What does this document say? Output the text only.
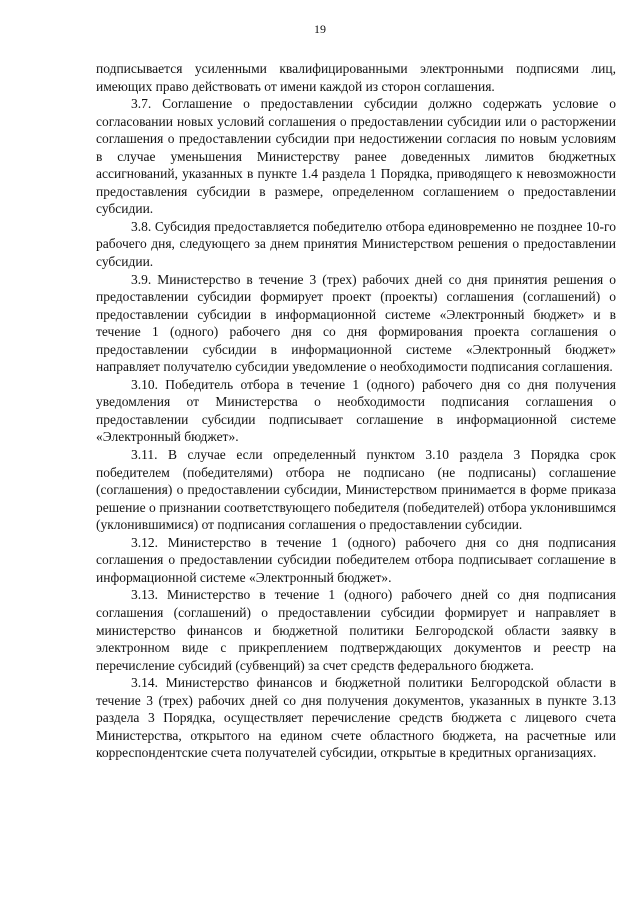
19

подписывается усиленными квалифицированными электронными подписями лиц, имеющих право действовать от имени каждой из сторон соглашения.

3.7. Соглашение о предоставлении субсидии должно содержать условие о согласовании новых условий соглашения о предоставлении субсидии или о расторжении соглашения о предоставлении субсидии при недостижении согласия по новым условиям в случае уменьшения Министерству ранее доведенных лимитов бюджетных ассигнований, указанных в пункте 1.4 раздела 1 Порядка, приводящего к невозможности предоставления субсидии в размере, определенном соглашением о предоставлении субсидии.

3.8. Субсидия предоставляется победителю отбора единовременно не позднее 10-го рабочего дня, следующего за днем принятия Министерством решения о предоставлении субсидии.

3.9. Министерство в течение 3 (трех) рабочих дней со дня принятия решения о предоставлении субсидии формирует проект (проекты) соглашения (соглашений) о предоставлении субсидии в информационной системе «Электронный бюджет» и в течение 1 (одного) рабочего дня со дня формирования проекта соглашения о предоставлении субсидии в информационной системе «Электронный бюджет» направляет получателю субсидии уведомление о необходимости подписания соглашения.

3.10. Победитель отбора в течение 1 (одного) рабочего дня со дня получения уведомления от Министерства о необходимости подписания соглашения о предоставлении субсидии подписывает соглашение в информационной системе «Электронный бюджет».

3.11. В случае если определенный пунктом 3.10 раздела 3 Порядка срок победителем (победителями) отбора не подписано (не подписаны) соглашение (соглашения) о предоставлении субсидии, Министерством принимается в форме приказа решение о признании соответствующего победителя (победителей) отбора уклонившимся (уклонившимися) от подписания соглашения о предоставлении субсидии.

3.12. Министерство в течение 1 (одного) рабочего дня со дня подписания соглашения о предоставлении субсидии победителем отбора подписывает соглашение в информационной системе «Электронный бюджет».

3.13. Министерство в течение 1 (одного) рабочего дней со дня подписания соглашения (соглашений) о предоставлении субсидии формирует и направляет в министерство финансов и бюджетной политики Белгородской области заявку в электронном виде с прикреплением подтверждающих документов и реестр на перечисление субсидий (субвенций) за счет средств федерального бюджета.

3.14. Министерство финансов и бюджетной политики Белгородской области в течение 3 (трех) рабочих дней со дня получения документов, указанных в пункте 3.13 раздела 3 Порядка, осуществляет перечисление средств бюджета с лицевого счета Министерства, открытого на едином счете областного бюджета, на расчетные или корреспондентские счета получателей субсидии, открытые в кредитных организациях.
